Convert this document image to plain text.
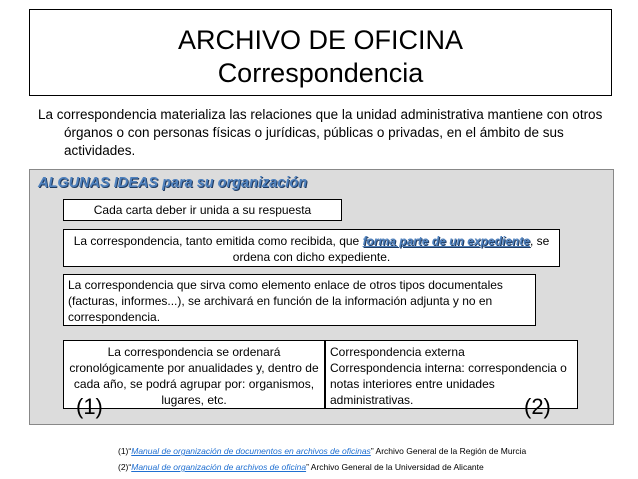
ARCHIVO DE OFICINA
Correspondencia
La correspondencia materializa las relaciones que la unidad administrativa mantiene con otros órganos o con personas físicas o jurídicas, públicas o privadas, en el ámbito de sus actividades.
ALGUNAS IDEAS para su organización
Cada carta deber ir unida a su respuesta
La correspondencia, tanto emitida como recibida, que forma parte de un expediente, se ordena con dicho expediente.
La correspondencia que sirva como elemento enlace de otros tipos documentales (facturas, informes...), se archivará en función de la información adjunta y no en correspondencia.
La correspondencia se ordenará cronológicamente por anualidades y, dentro de cada año, se podrá agrupar por: organismos, lugares, etc.
Correspondencia externa
Correspondencia interna: correspondencia o notas interiores entre unidades administrativas.
(1)	(2)
(1)“Manual de organización de documentos en archivos de oficinas” Archivo General de la Región de Murcia
(2)“Manual de organización de archivos de oficina” Archivo General de la Universidad de Alicante
